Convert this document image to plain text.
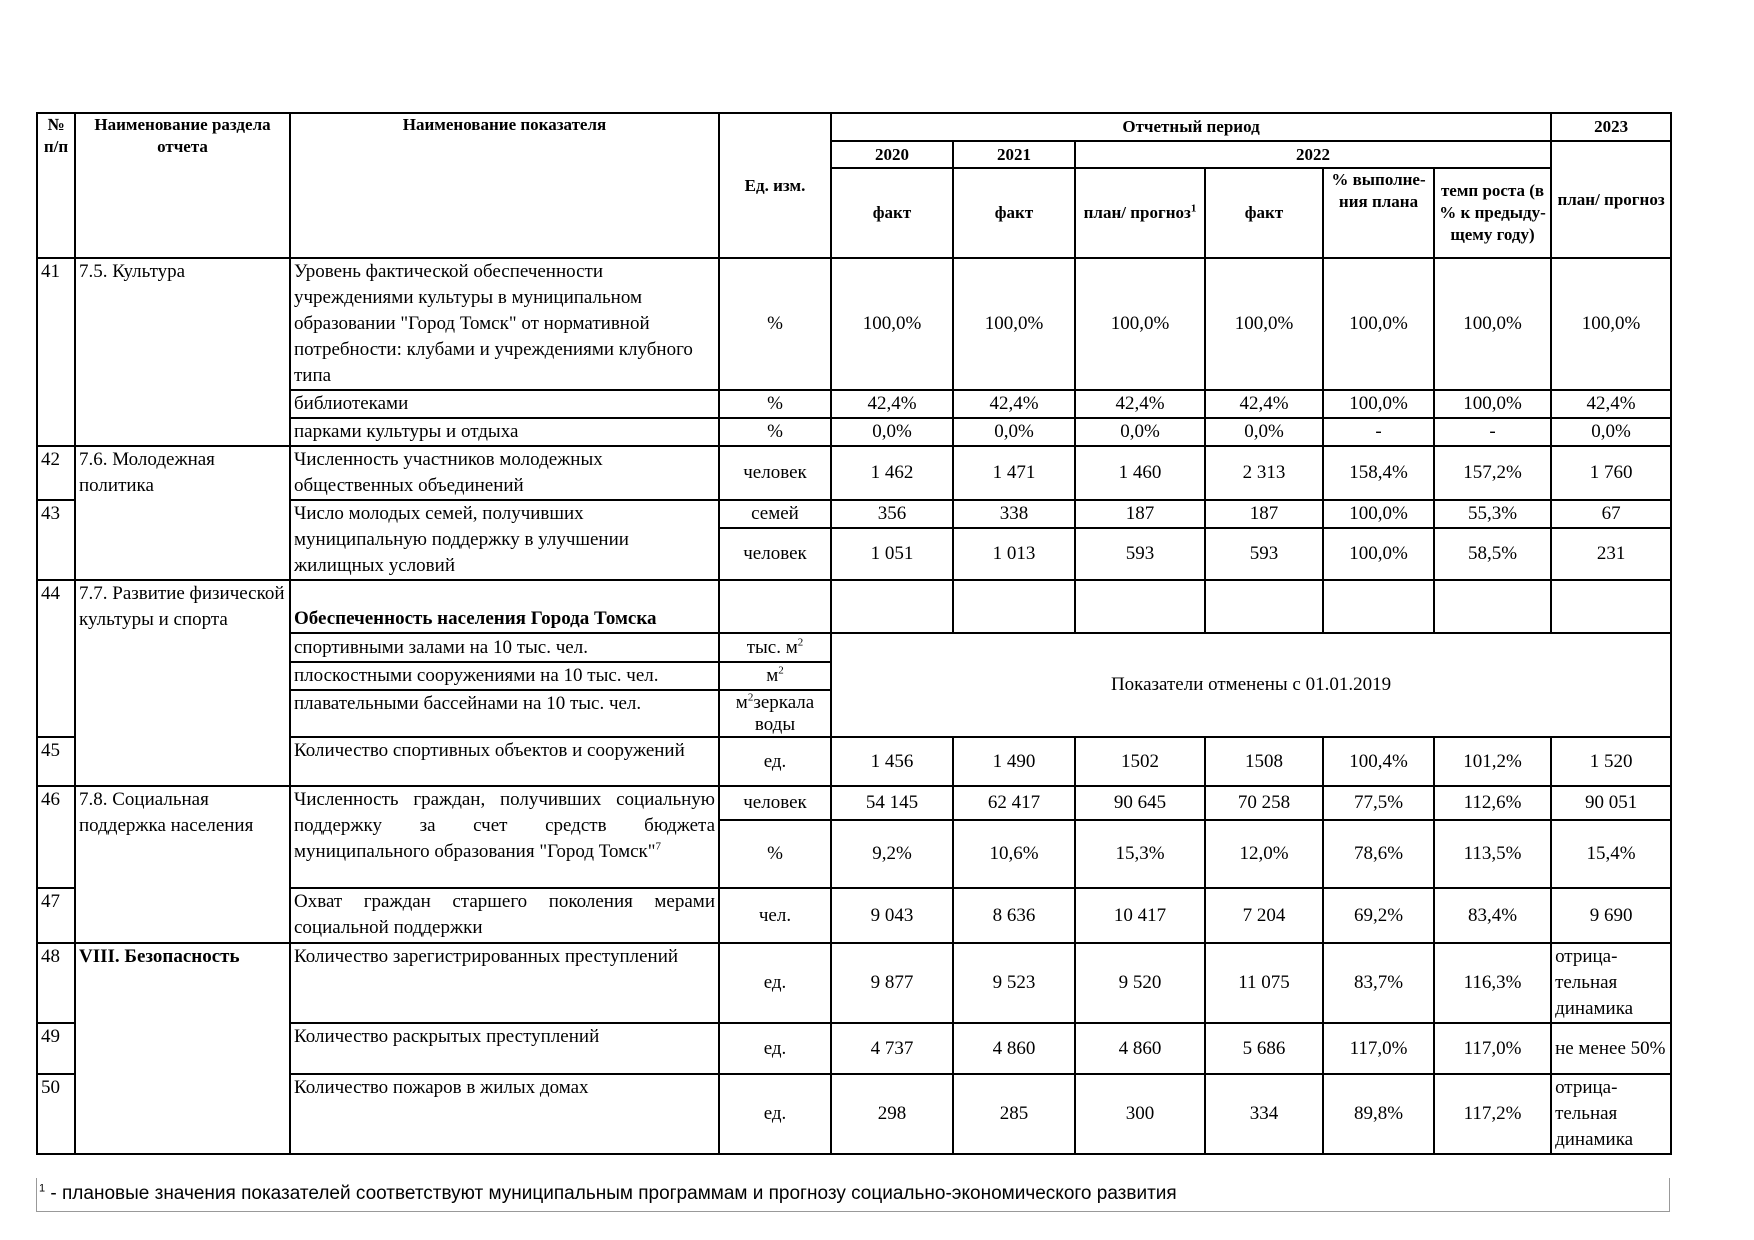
№ п/п	Наименование раздела отчета	Наименование показателя	Ед. изм.	Отчетный период						2023
				2020	2021	2022				план/ прогноз
				факт	факт	план/ прогноз$^1$	факт	% выполне-ния плана	темп роста (в % к предыду-щему году)	
41	7.5. Культура	Уровень фактической обеспеченности учреждениями культуры в муниципальном образовании "Город Томск" от нормативной потребности: клубами и учреждениями клубного типа	%	100,0%	100,0%	100,0%	100,0%	100,0%	100,0%	100,0%
		библиотеками	%	42,4%	42,4%	42,4%	42,4%	100,0%	100,0%	42,4%
		парками культуры и отдыха	%	0,0%	0,0%	0,0%	0,0%	-	-	0,0%
42	7.6. Молодежная политика	Численность участников молодежных общественных объединений	человек	1 462	1 471	1 460	2 313	158,4%	157,2%	1 760
43		Число молодых семей, получивших муниципальную поддержку в улучшении жилищных условий	семей	356	338	187	187	100,0%	55,3%	67
			человек	1 051	1 013	593	593	100,0%	58,5%	231
44	7.7. Развитие физической культуры и спорта	Обеспеченность населения Города Томска								
		спортивными залами на 10 тыс. чел.	тыс. $м^2$	Показатели отменены с 01.01.2019						
		плоскостными сооружениями на 10 тыс. чел.	$м^2$
		плавательными бассейнами на 10 тыс. чел.	$м^2зеркала$ воды							
45		Количество спортивных объектов и сооружений	ед.	1 456	1 490	1502	1508	100,4%	101,2%	1 520
46	7.8. Социальная поддержка населения	Численность граждан, получивших социальную поддержку за счет средств бюджета муниципального образования "Город Томск"$^7$	человек	54 145	62 417	90 645	70 258	77,5%	112,6%	90 051
			%	9,2%	10,6%	15,3%	12,0%	78,6%	113,5%	15,4%
47		Охват граждан старшего поколения мерами социальной поддержки	чел.	9 043	8 636	10 417	7 204	69,2%	83,4%	9 690
48	VIII. Безопасность	Количество зарегистрированных преступлений	ед.	9 877	9 523	9 520	11 075	83,7%	116,3%	отрица-тельная динамика
49		Количество раскрытых преступлений	ед.	4 737	4 860	4 860	5 686	117,0%	117,0%	не менее 50%
50		Количество пожаров в жилых домах	ед.	298	285	300	334	89,8%	117,2%	отрица-тельная динамика
$^1$ - плановые значения показателей соответствуют муниципальным программам и прогнозу социально-экономического развития
